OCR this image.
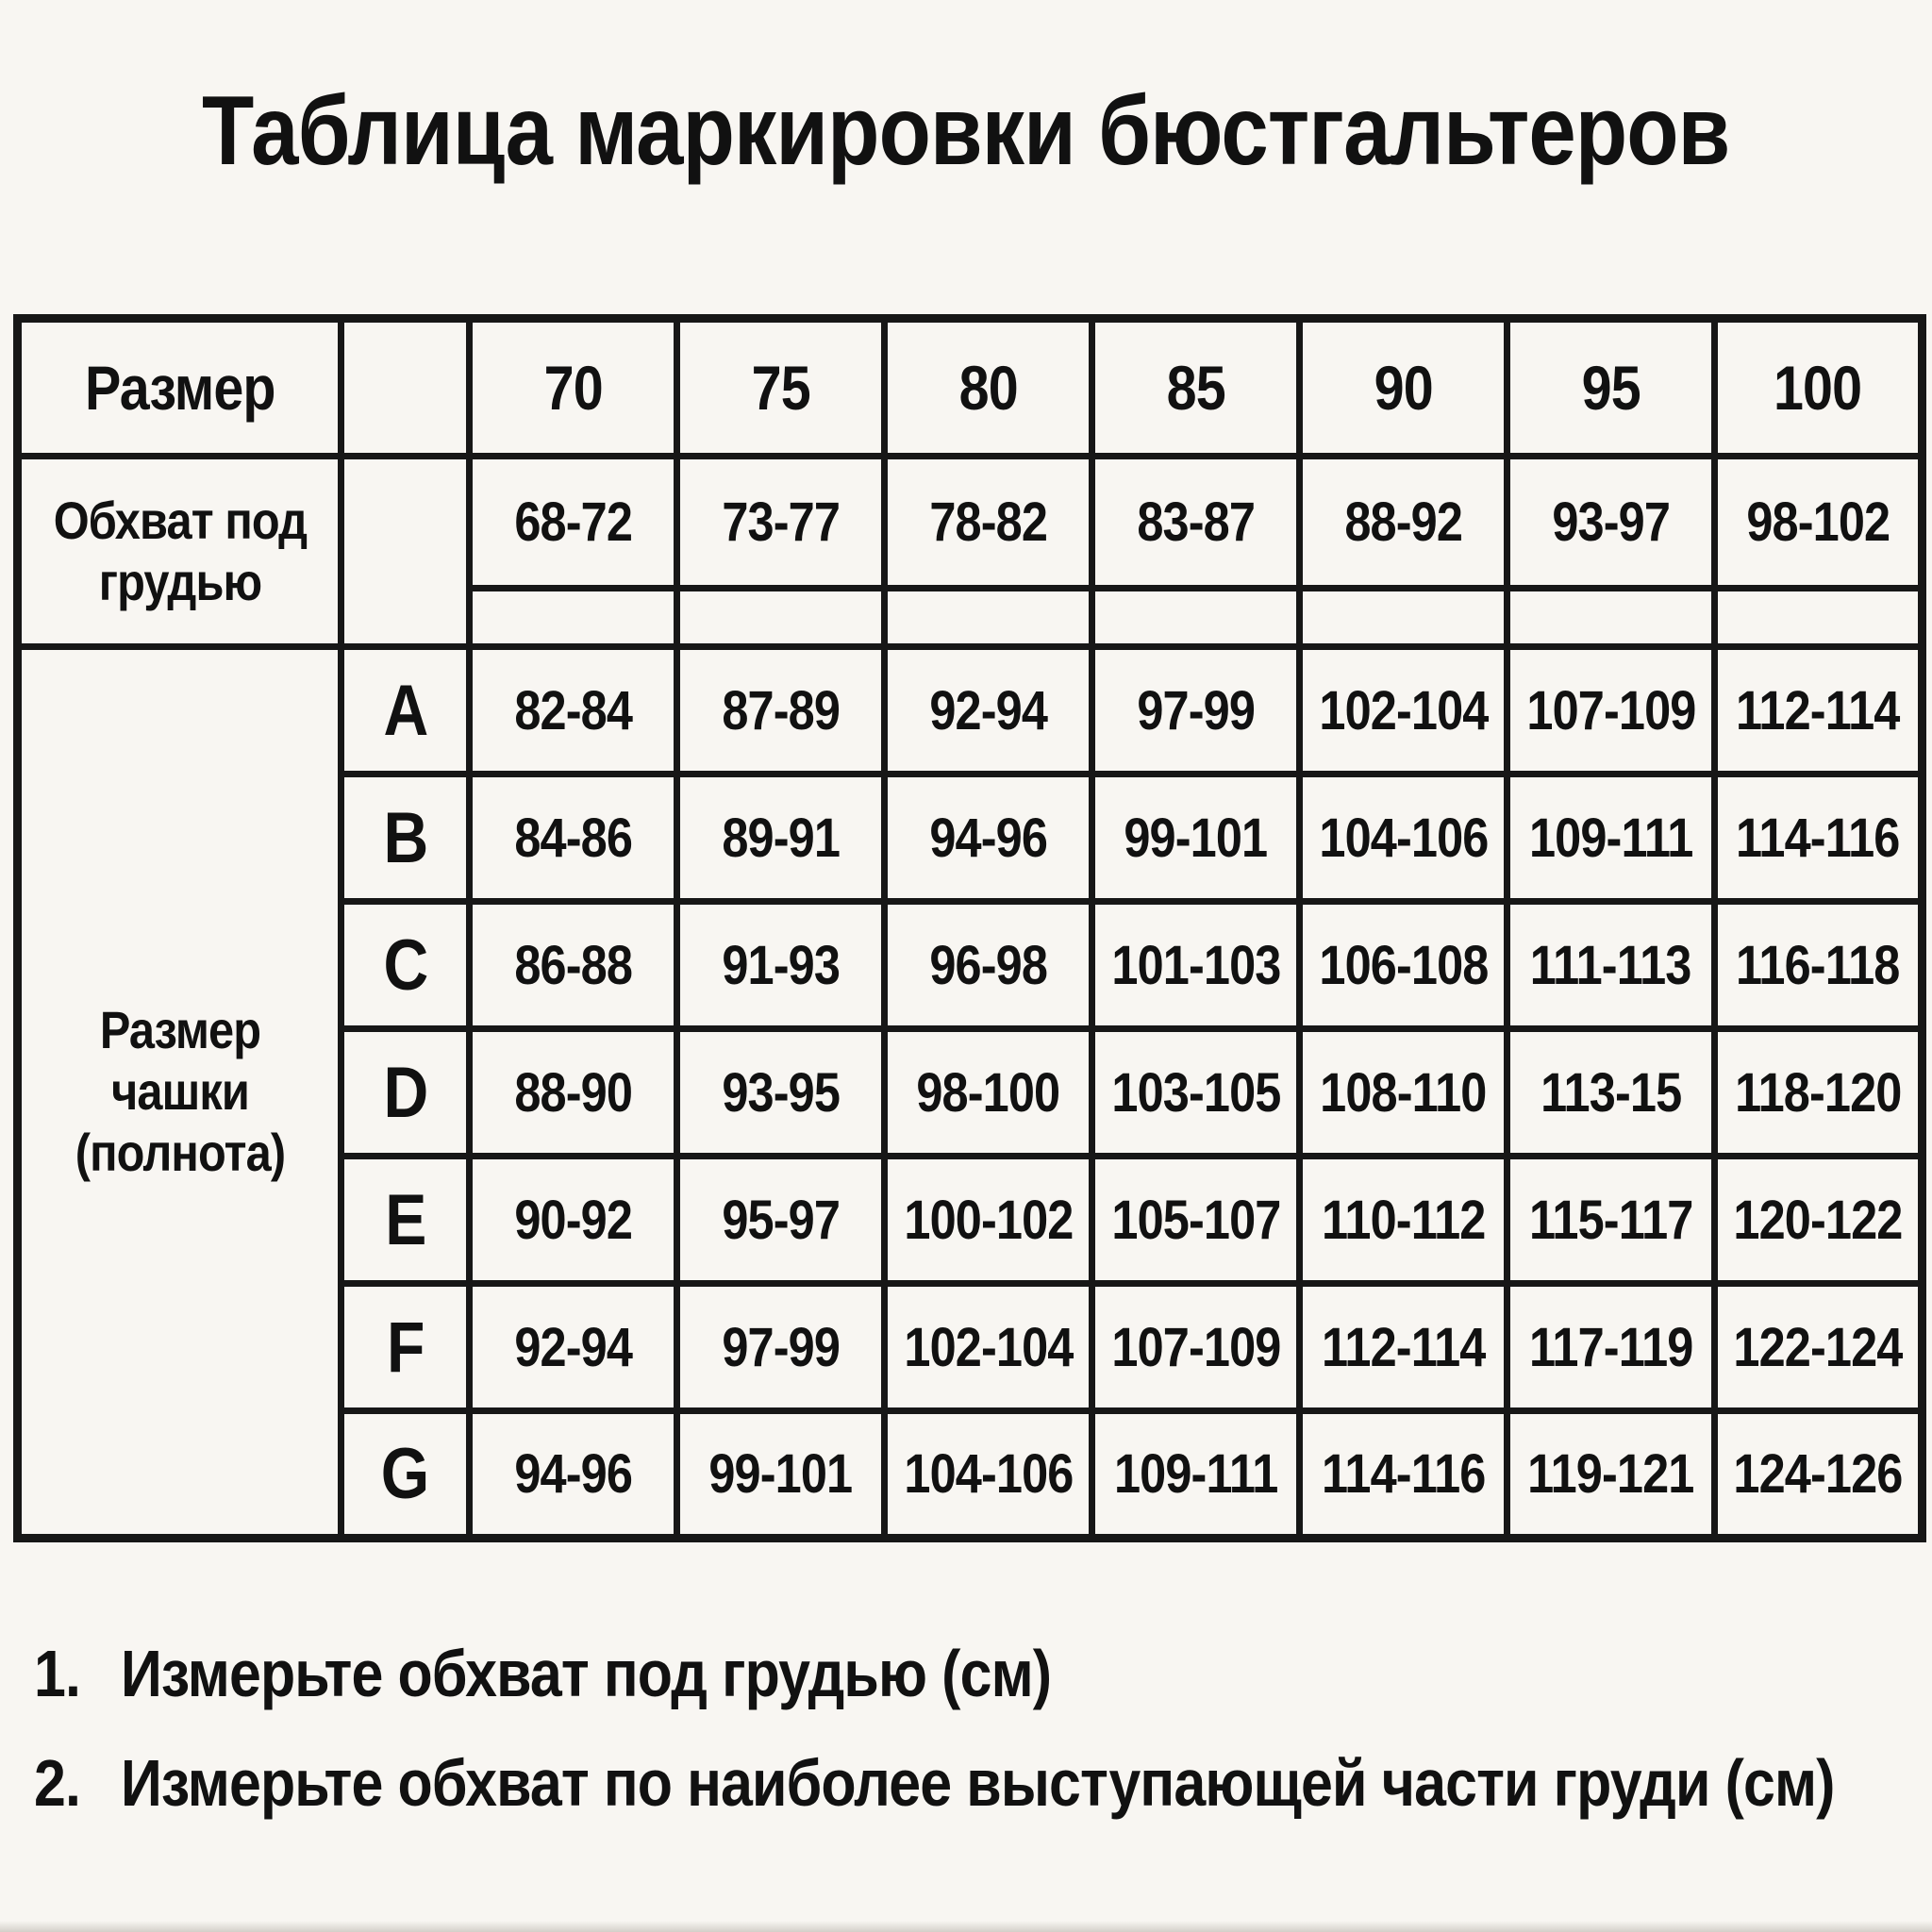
Таблица маркировки бюстгальтеров
Размер		70	75	80	85	90	95	100
Обхват под грудью		68-72	73-77	78-82	83-87	88-92	93-97	98-102

Размер чашки (полнота)	A	82-84	87-89	92-94	97-99	102-104	107-109	112-114
	B	84-86	89-91	94-96	99-101	104-106	109-111	114-116
	C	86-88	91-93	96-98	101-103	106-108	111-113	116-118
	D	88-90	93-95	98-100	103-105	108-110	113-15	118-120
	E	90-92	95-97	100-102	105-107	110-112	115-117	120-122
	F	92-94	97-99	102-104	107-109	112-114	117-119	122-124
	G	94-96	99-101	104-106	109-111	114-116	119-121	124-126
1. Измерьте обхват под грудью (см)
2. Измерьте обхват по наиболее выступающей части груди (см)
